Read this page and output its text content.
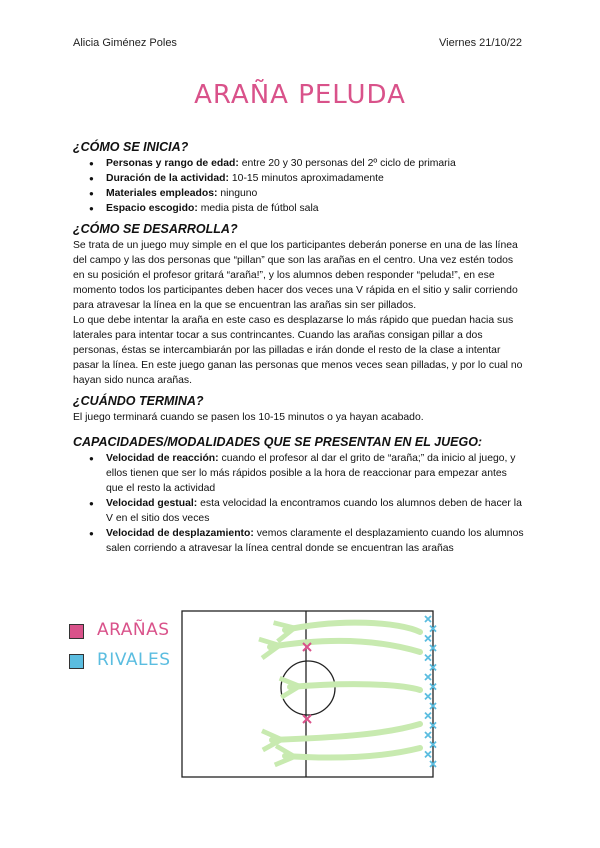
Alicia Giménez Poles	Viernes 21/10/22
ARAÑA PELUDA
¿CÓMO SE INICIA?
● Personas y rango de edad: entre 20 y 30 personas del 2º ciclo de primaria
● Duración de la actividad: 10-15 minutos aproximadamente
● Materiales empleados: ninguno
● Espacio escogido: media pista de fútbol sala
¿CÓMO SE DESARROLLA?

Se trata de un juego muy simple en el que los participantes deberán ponerse en una de las línea del campo y las dos personas que “pillan” que son las arañas en el centro. Una vez estén todos en su posición el profesor gritará “araña!”, y los alumnos deben responder “peluda!”, en ese momento todos los participantes deben hacer dos veces una V rápida en el sitio y salir corriendo para atravesar la línea en la que se encuentran las arañas sin ser pillados.

Lo que debe intentar la araña en este caso es desplazarse lo más rápido que puedan hacia sus laterales para intentar tocar a sus contrincantes. Cuando las arañas consigan pillar a dos personas, éstas se intercambiarán por las pilladas e irán donde el resto de la clase a intentar pasar la línea. En este juego ganan las personas que menos veces sean pilladas, y por lo cual no hayan sido nunca arañas.

¿CUÁNDO TERMINA?

El juego terminará cuando se pasen los 10-15 minutos o ya hayan acabado.

CAPACIDADES/MODALIDADES QUE SE PRESENTAN EN EL JUEGO:
● Velocidad de reacción: cuando el profesor al dar el grito de “araña;” da inicio al juego, y ellos tienen que ser lo más rápidos posible a la hora de reaccionar para empezar antes que el resto la actividad
● Velocidad gestual: esta velocidad la encontramos cuando los alumnos deben de hacer la V en el sitio dos veces
● Velocidad de desplazamiento: vemos claramente el desplazamiento cuando los alumnos salen corriendo a atravesar la línea central donde se encuentran las arañas
ARAÑAS
RIVALES
